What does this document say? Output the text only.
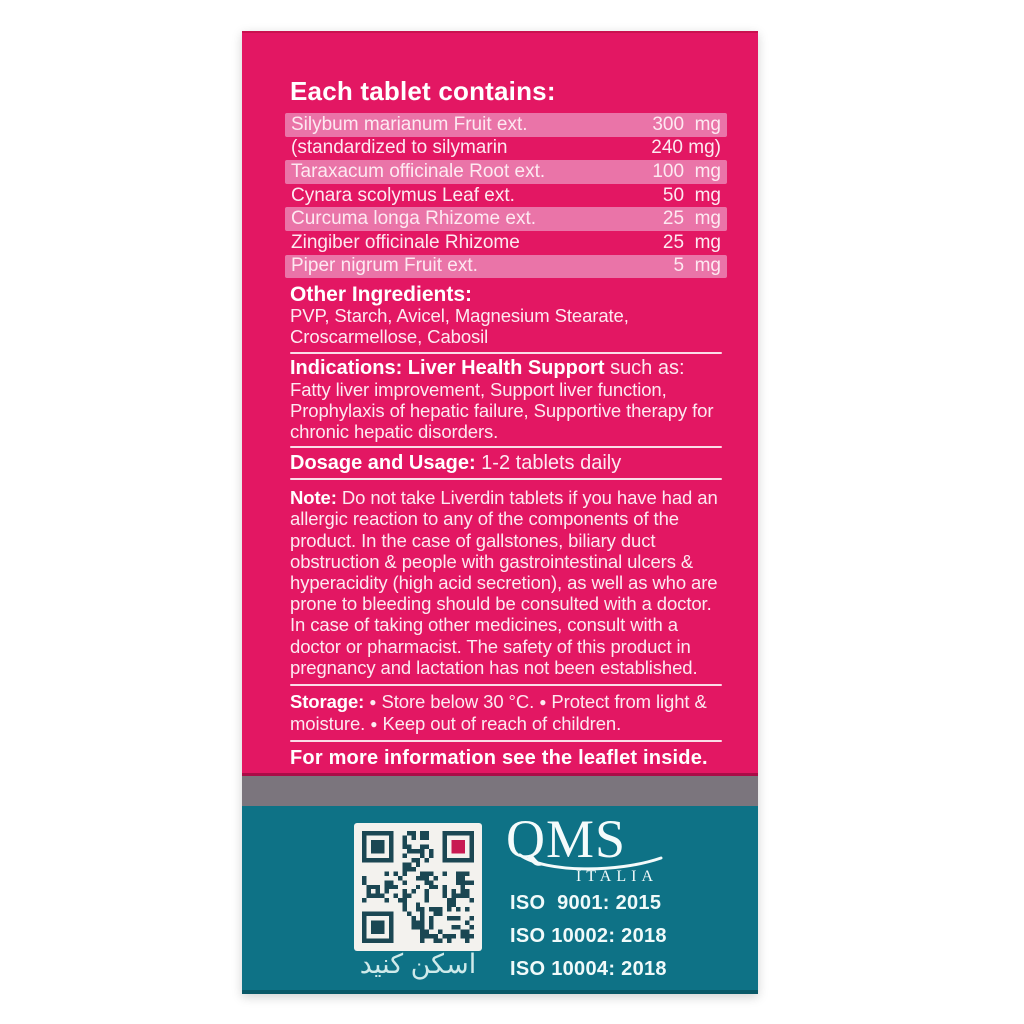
Each tablet contains:
Silybum marianum Fruit ext.	300  mg
(standardized to silymarin	240 mg)
Taraxacum officinale Root ext.	100  mg
Cynara scolymus Leaf ext.	50  mg
Curcuma longa Rhizome ext.	25  mg
Zingiber officinale Rhizome	25  mg
Piper nigrum Fruit ext.	5  mg
Other Ingredients:

PVP, Starch, Avicel, Magnesium Stearate, Croscarmellose, Cabosil

Indications: Liver Health Support such as:

Fatty liver improvement, Support liver function, Prophylaxis of hepatic failure, Supportive therapy for chronic hepatic disorders.

Dosage and Usage: 1-2 tablets daily

Note: Do not take Liverdin tablets if you have had an allergic reaction to any of the components of the product. In the case of gallstones, biliary duct obstruction & people with gastrointestinal ulcers & hyperacidity (high acid secretion), as well as who are prone to bleeding should be consulted with a doctor. In case of taking other medicines, consult with a doctor or pharmacist. The safety of this product in pregnancy and lactation has not been established.

Storage: ● Store below 30 °C. ● Protect from light & moisture. ● Keep out of reach of children.

For more information see the leaflet inside.

اسكن كنيد
QMS
ITALIA
ISO  9001: 2015
ISO 10002: 2018
ISO 10004: 2018
